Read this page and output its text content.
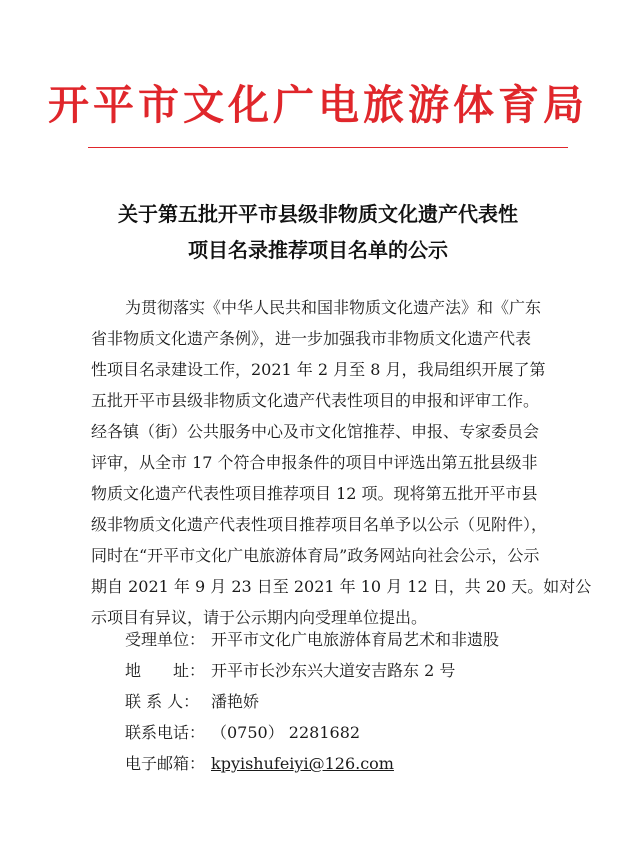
开平市文化广电旅游体育局
关于第五批开平市县级非物质文化遗产代表性
项目名录推荐项目名单的公示
为贯彻落实《中华人民共和国非物质文化遗产法》和《广东
省非物质文化遗产条例》，进一步加强我市非物质文化遗产代表
性项目名录建设工作，2021 年 2 月至 8 月，我局组织开展了第
五批开平市县级非物质文化遗产代表性项目的申报和评审工作。
经各镇（街）公共服务中心及市文化馆推荐、申报、专家委员会
评审，从全市 17 个符合申报条件的项目中评选出第五批县级非
物质文化遗产代表性项目推荐项目 12 项。现将第五批开平市县
级非物质文化遗产代表性项目推荐项目名单予以公示（见附件），
同时在“开平市文化广电旅游体育局”政务网站向社会公示，公示
期自 2021 年 9 月 23 日至 2021 年 10 月 12 日，共 20 天。如对公
示项目有异议，请于公示期内向受理单位提出。
受理单位： 开平市文化广电旅游体育局艺术和非遗股
地　　址： 开平市长沙东兴大道安吉路东 2 号
联 系 人： 潘艳娇
联系电话： （0750） 2281682
电子邮箱： kpyishufeiyi@126.com
